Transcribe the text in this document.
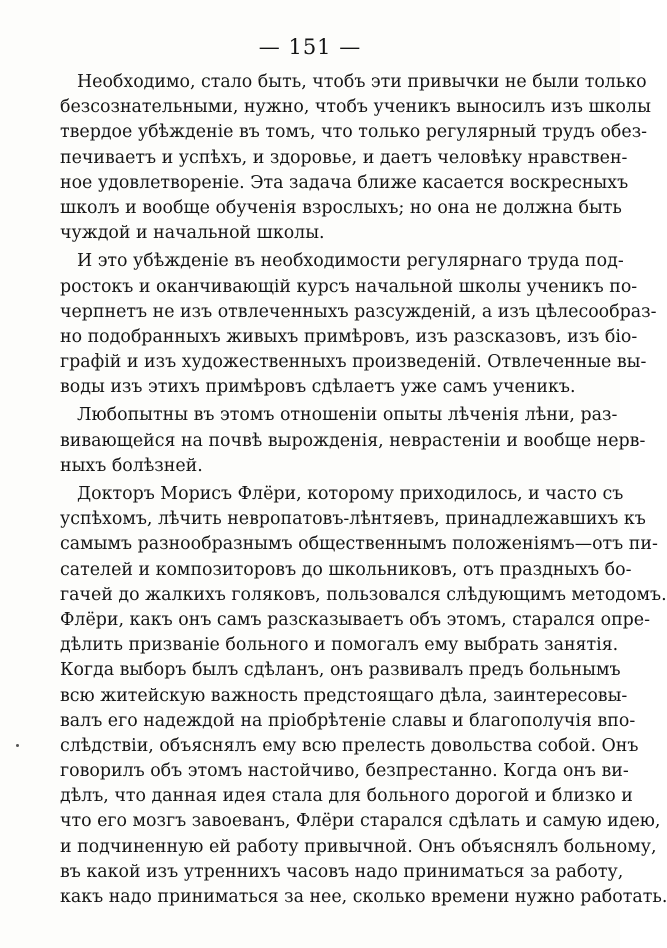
— 151 —
Необходимо, стало быть, чтобъ эти привычки не были только
безсознательными, нужно, чтобъ ученикъ выносилъ изъ школы
твердое убѣжденіе въ томъ, что только регулярный трудъ обез-
печиваетъ и успѣхъ, и здоровье, и даетъ человѣку нравствен-
ное удовлетвореніе. Эта задача ближе касается воскресныхъ
школъ и вообще обученія взрослыхъ; но она не должна быть
чуждой и начальной школы.
И это убѣжденіе въ необходимости регулярнаго труда под-
ростокъ и оканчивающій курсъ начальной школы ученикъ по-
черпнетъ не изъ отвлеченныхъ разсужденій, а изъ цѣлесообраз-
но подобранныхъ живыхъ примѣровъ, изъ разсказовъ, изъ біо-
графій и изъ художественныхъ произведеній. Отвлеченные вы-
воды изъ этихъ примѣровъ сдѣлаетъ уже самъ ученикъ.
Любопытны въ этомъ отношеніи опыты лѣченія лѣни, раз-
вивающейся на почвѣ вырожденія, неврастеніи и вообще нерв-
ныхъ болѣзней.
Докторъ Морисъ Флёри, которому приходилось, и часто съ
успѣхомъ, лѣчить невропатовъ-лѣнтяевъ, принадлежавшихъ къ
самымъ разнообразнымъ общественнымъ положеніямъ—отъ пи-
сателей и композиторовъ до школьниковъ, отъ праздныхъ бо-
гачей до жалкихъ голяковъ, пользовался слѣдующимъ методомъ.
Флёри, какъ онъ самъ разсказываетъ объ этомъ, старался опре-
дѣлить призваніе больного и помогалъ ему выбрать занятія.
Когда выборъ былъ сдѣланъ, онъ развивалъ предъ больнымъ
всю житейскую важность предстоящаго дѣла, заинтересовы-
валъ его надеждой на пріобрѣтеніе славы и благополучія впо-
слѣдствіи, объяснялъ ему всю прелесть довольства собой. Онъ
говорилъ объ этомъ настойчиво, безпрестанно. Когда онъ ви-
дѣлъ, что данная идея стала для больного дорогой и близко и
что его мозгъ завоеванъ, Флёри старался сдѣлать и самую идею,
и подчиненную ей работу привычной. Онъ объяснялъ больному,
въ какой изъ утреннихъ часовъ надо приниматься за работу,
какъ надо приниматься за нее, сколько времени нужно работать.
